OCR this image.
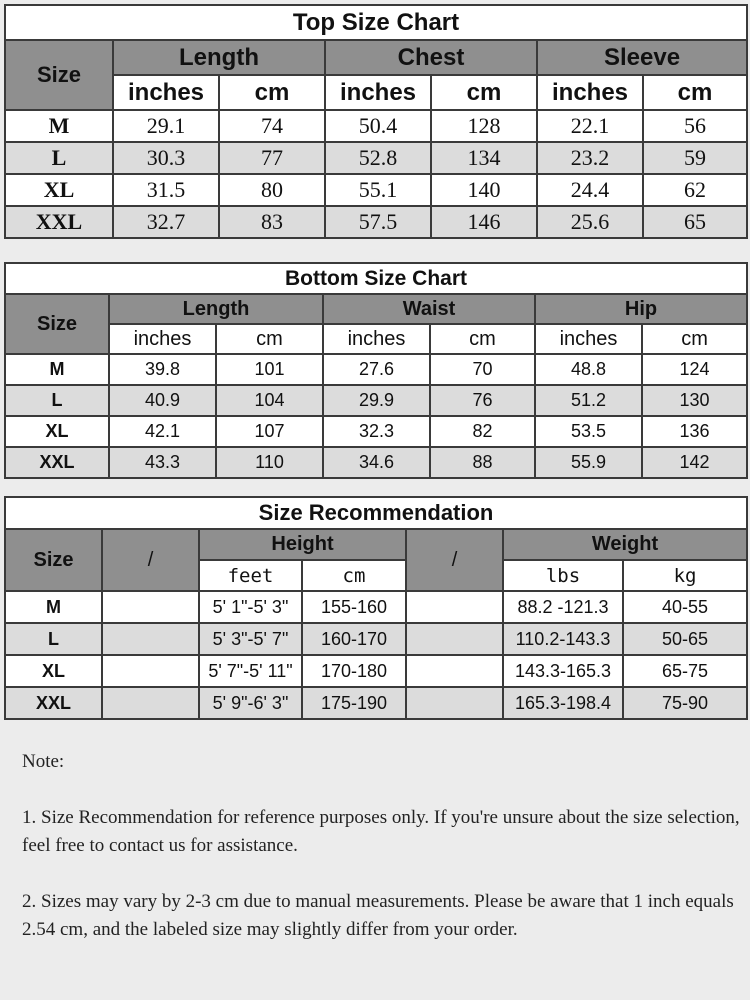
Top Size Chart						
Size	Length		Chest		Sleeve	
	inches	cm	inches	cm	inches	cm
M	29.1	74	50.4	128	22.1	56
L	30.3	77	52.8	134	23.2	59
XL	31.5	80	55.1	140	24.4	62
XXL	32.7	83	57.5	146	25.6	65
Bottom Size Chart						
Size	Length		Waist		Hip	
	inches	cm	inches	cm	inches	cm
M	39.8	101	27.6	70	48.8	124
L	40.9	104	29.9	76	51.2	130
XL	42.1	107	32.3	82	53.5	136
XXL	43.3	110	34.6	88	55.9	142
Size Recommendation						
Size	/	Height		/	Weight	
		feet	cm		lbs	kg
M		5' 1"-5' 3"	155-160		88.2 -121.3	40-55
L		5' 3"-5' 7"	160-170		110.2-143.3	50-65
XL		5' 7"-5' 11"	170-180		143.3-165.3	65-75
XXL		5' 9"-6' 3"	175-190		165.3-198.4	75-90

Note:

1. Size Recommendation for reference purposes only. If you're unsure about the size selection, feel free to contact us for assistance.

2. Sizes may vary by 2-3 cm due to manual measurements. Please be aware that 1 inch equals 2.54 cm, and the labeled size may slightly differ from your order.
